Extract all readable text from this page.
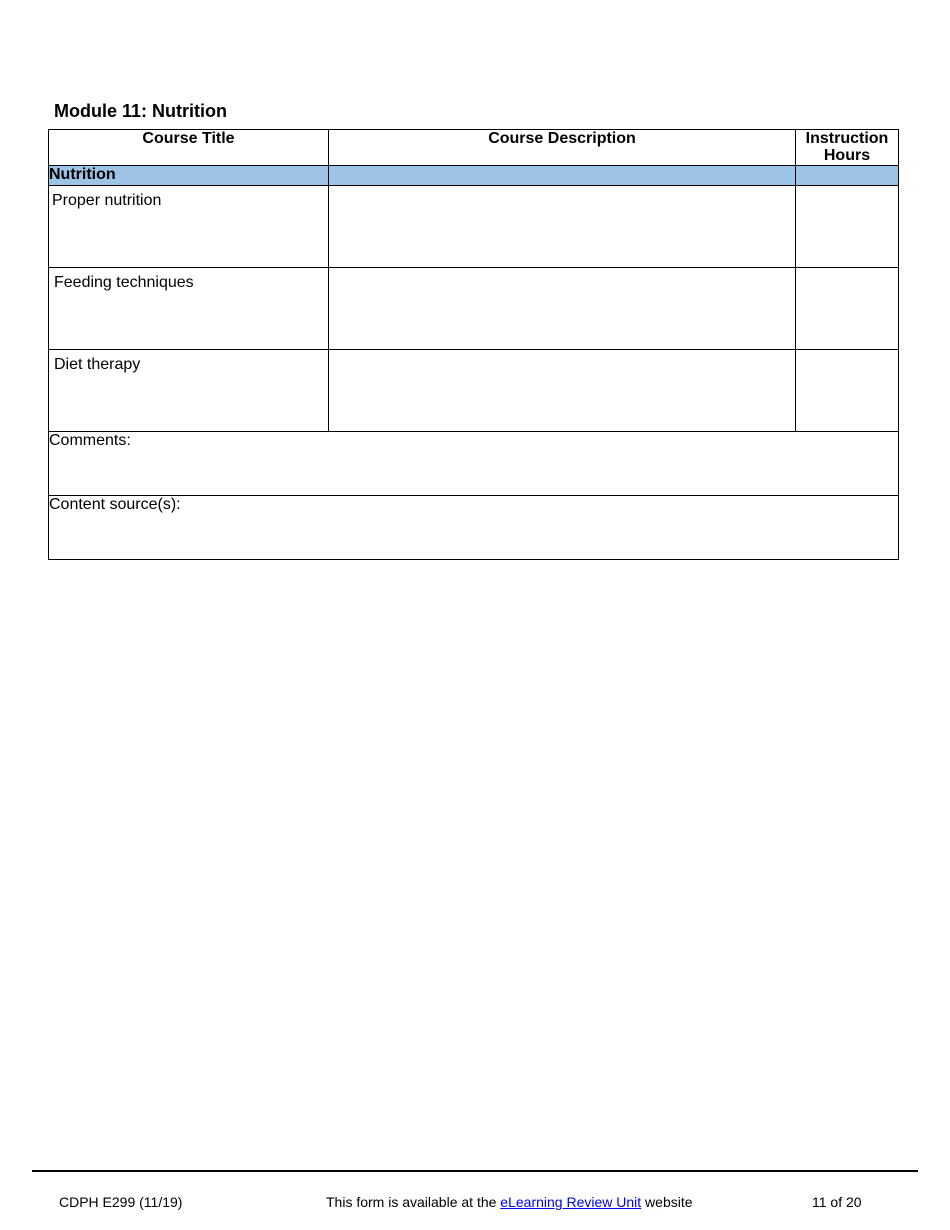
Module 11: Nutrition
Course Title	Course Description	Instruction
Hours
Nutrition		
Proper nutrition		
Feeding techniques		
Diet therapy		
Comments:		
Content source(s):		
CDPH E299 (11/19)	This form is available at the eLearning Review Unit website	11 of 20
